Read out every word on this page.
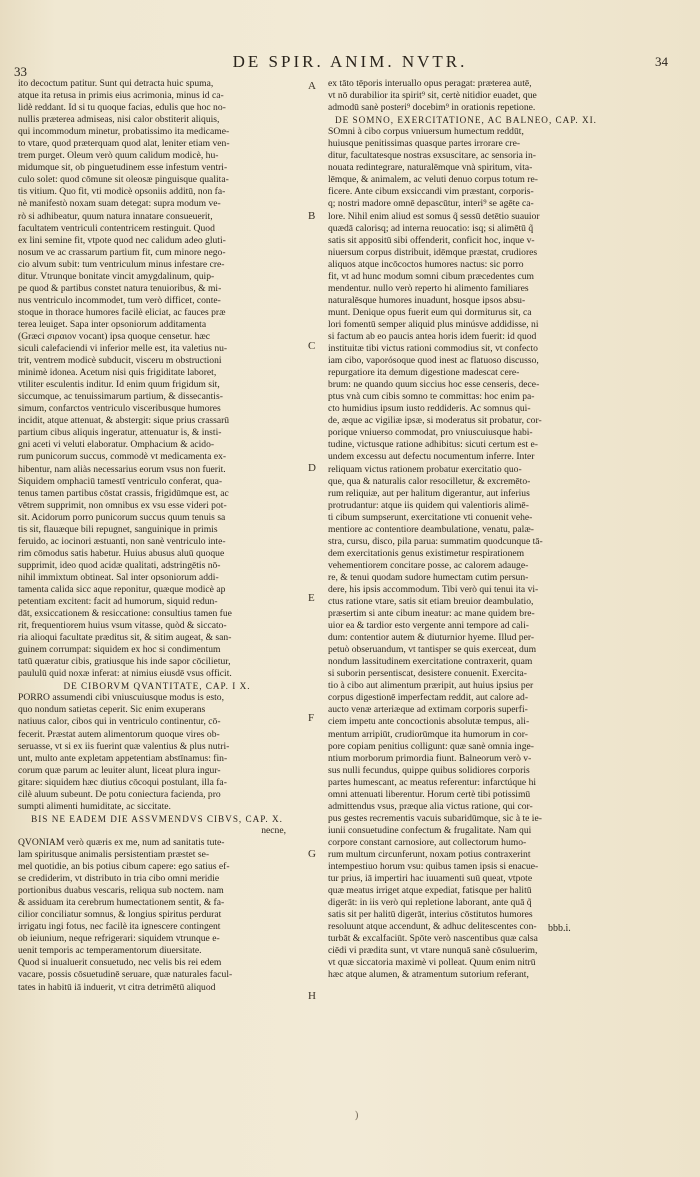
33
DE SPIR. ANIM. NVTR.	34
ito decoctum patitur. Sunt qui detracta huic spuma,
atque ita retusa in primis eius acrimonia, minus id ca-
lidè reddant. Id si tu quoque facias, edulis que hoc no-
nullis præterea admiseas, nisi calor obstiterit aliquis,
qui incommodum minetur, probatissimo ita medicame-
to vtare, quod præterquam quod alat, leniter etiam ven-
trem purget. Oleum verò quum calidum modicè, hu-
midumque sit, ob pinguetudinem esse infestum ventri-
culo solet: quod cōmune sit oleosæ pinguisque qualita-
tis vitium. Quo fit, vti modicè opsoniis additū, non fa-
nè manifestò noxam suam detegat: supra modum ve-
rò si adhibeatur, quum natura innatare consueuerit,
facultatem ventriculi contentricem restinguit. Quod
ex lini semine fit, vtpote quod nec calidum adeo gluti-
nosum ve ac crassarum partium fit, cum minore nego-
cio alvum subit: tum ventriculum minus infestare cre-
ditur. Vtrunque bonitate vincit amygdalinum, quip-
pe quod & partibus constet natura tenuioribus, & mi-
nus ventriculo incommodet, tum verò difficet, conte-
stoque in thorace humores facilè eliciat, ac fauces præ
terea leuiget. Sapa inter opsoniorum additamenta
(Græci σιραιον vocant) ipsa quoque censetur. hæc
siculi calefaciendi vi inferior melle est, ita valetius nu-
trit, ventrem modicè subducit, visceru m obstructioni
minimè idonea. Acetum nisi quis frigiditate laboret,
vtiliter esculentis inditur. Id enim quum frigidum sit,
siccumque, ac tenuissimarum partium, & dissecantis-
simum, confarctos ventriculo visceribusque humores
incidit, atque attenuat, & abstergit: sique prius crassarū
partium cibus aliquis ingeratur, attenuatur is, & insti-
gni aceti vi veluti elaboratur. Omphacium & acido-
rum punicorum succus, commodè vt medicamenta ex-
hibentur, nam aliàs necessarius eorum vsus non fuerit.
Siquidem omphaciū tamestī ventriculo conferat, qua-
tenus tamen partibus cōstat crassis, frigidūmque est, ac
vētrem supprimit, non omnibus ex vsu esse videri pot-
sit. Acidorum porro punicorum succus quum tenuis sa
tis sit, flauæque bili repugnet, sanguinique in primis
feruido, ac iocinori æstuanti, non sanè ventriculo inte-
rim cōmodus satis habetur. Huius abusus aluū quoque
supprimit, ideo quod acidæ qualitati, adstringētis nō-
nihil immixtum obtineat. Sal inter opsoniorum addi-
tamenta calida sicc aque reponitur, quæque modicè ap
petentiam excitent: facit ad humorum, siquid redun-
dāt, exsiccationem & resiccatione: consultius tamen fue
rit, frequentiorem huius vsum vitasse, quòd & siccato-
ria alioqui facultate præditus sit, & sitim augeat, & san-
guinem corrumpat: siquidem ex hoc si condimentum
tatū quæratur cibis, gratiusque his inde sapor cōcilietur,
paululū quid noxæ inferat: at nimius eiusdē vsus officit.
DE CIBORVM QVANTITATE, CAP. I X.
PORRO assumendi cibi vniuscuiusque modus is esto,
quo nondum satietas ceperit. Sic enim exuperans
natiuus calor, cibos qui in ventriculo continentur, cō-
fecerit. Præstat autem alimentorum quoque vires ob-
seruasse, vt si ex iis fuerint quæ valentius & plus nutri-
unt, multo ante expletam appetentiam abstīnamus: fin-
corum quæ parum ac leuiter alunt, liceat plura ingur-
gitare: siquidem hæc diutius cōcoqui postulant, illa fa-
cilè aluum subeunt. De potu coniectura facienda, pro
sumpti alimenti humiditate, ac siccitate.
BIS NE EADEM DIE ASSVMENDVS CIBVS, CAP. X.
necne,
QVONIAM verò quæris ex me, num ad sanitatis tute-
lam spiritusque animalis persistentiam præstet se-
mel quotidie, an bis potius cibum capere: ego satius ef-
se crediderim, vt distributo in tria cibo omni meridie
portionibus duabus vescaris, reliqua sub noctem. nam
& assiduam ita cerebrum humectationem sentit, & fa-
cilior conciliatur somnus, & longius spiritus perdurat
irrigatu ingi fotus, nec facilè ita ignescere contingent
ob ieiunium, neque refrigerari: siquidem vtrunque e-
uenit temporis ac temperamentorum diuersitate.
Quod si inualuerit consuetudo, nec velis bis rei edem
vacare, possis cōsuetudinē seruare, quæ naturales facul-
tates in habitū iā induerit, vt citra detrimētū aliquod
ex tāto tēporis interuallo opus peragat: præterea autē,
vt nō durabilior ita spirit⁹ sit, certè nitidior euadet, que
admodū sanè posteri⁹ docebim⁹ in orationis repetione.
DE SOMNO, EXERCITATIONE, AC BALNEO, CAP. XI.
SOmni à cibo corpus vniuersum humectum reddūt,
huiusque penitissimas quasque partes irrorare cre-
ditur, facultatesque nostras exsuscitare, ac sensoria in-
nouata redintegrare, naturalēmque vnà spiritum, vita-
lēmque, & animalem, ac veluti denuo corpus totum re-
ficere. Ante cibum exsiccandi vim præstant, corporis-
q; nostri madore omnē depascūtur, interi⁹ se agēte ca-
lore. Nihil enim aliud est somus q̃ sessū detētio suauior
quædā calorisq; ad interna reuocatio: isq; si alimētū q̃
satis sit appositū sibi offenderit, conficit hoc, inque v-
niuersum corpus distribuit, idēmque præstat, crudiores
aliquos atque incōcoctos humores nactus: sic porro
fit, vt ad hunc modum somni cibum præcedentes cum
mendentur. nullo verò reperto hi alimento familiares
naturalēsque humores inuadunt, hosque ipsos absu-
munt. Denique opus fuerit eum qui dormiturus sit, ca
lori fomentū semper aliquid plus minúsve addidisse, ni
si factum ab eo paucis antea horis idem fuerit: id quod
instituitæ tibi victus rationi commodius sit, vt confecto
iam cibo, vaporósoque quod inest ac flatuoso discusso,
repurgatiore ita demum digestione madescat cere-
brum: ne quando quum siccius hoc esse censeris, dece-
ptus vnà cum cibis somno te committas: hoc enim pa-
cto humidius ipsum iusto reddideris. Ac somnus qui-
de, æque ac vigiliæ ipsæ, si moderatus sit probatur, cor-
porique vniuerso commodat, pro vniuscuiusque habi-
tudine, victusque ratione adhibitus: sicuti certum est e-
undem excessu aut defectu nocumentum inferre. Inter
reliquam victus rationem probatur exercitatio quo-
que, qua & naturalis calor resocilletur, & excremēto-
rum reliquiæ, aut per halitum digerantur, aut inferius
protrudantur: atque iis quidem qui valentioris alimē-
ti cibum sumpserunt, exercitatione vti conuenit vehe-
mentiore ac contentiore deambulatione, venatu, palæ-
stra, cursu, disco, pila parua: summatim quodcunque tā-
dem exercitationis genus existimetur respirationem
vehementiorem concitare posse, ac calorem adauge-
re, & tenui quodam sudore humectam cutim persun-
dere, his ipsis accommodum. Tibi verò qui tenui ita vi-
ctus ratione vtare, satis sit etiam breuior deambulatio,
præsertim si ante cibum ineatur: ac mane quidem bre-
uior ea & tardior esto vergente anni tempore ad cali-
dum: contentior autem & diuturnior hyeme. Illud per-
petuò obseruandum, vt tantisper se quis exerceat, dum
nondum lassitudinem exercitatione contraxerit, quam
si suborin persentiscat, desistere conuenit. Exercita-
tio à cibo aut alimentum præripit, aut huius ipsius per
corpus digestionē imperfectam reddit, aut calore ad-
aucto venæ arteriæque ad extimam corporis superfi-
ciem impetu ante concoctionis absolutæ tempus, ali-
mentum arripiūt, crudiorūmque ita humorum in cor-
pore copiam penitius colligunt: quæ sanè omnia inge-
ntium morborum primordia fiunt. Balneorum verò v-
sus nulli fecundus, quippe quibus solidiores corporis
partes humescant, ac meatus referentur: infarctúque hi
omni attenuati liberentur. Horum certè tibi potissimū
admittendus vsus, præque alia victus ratione, qui cor-
pus gestes recrementis vacuis subaridūmque, sic à te ie-
iunii consuetudine confectum & frugalitate. Nam qui
corpore constant carnosiore, aut collectorum humo-
rum multum circunferunt, noxam potius contraxerint
intempestiuo horum vsu: quibus tamen ipsis si enacue-
tur prius, iā impertiri hac iuuamenti suū queat, vtpote
quæ meatus irriget atque expediat, fatisque per halitū
digerāt: in iis verò qui repletione laborant, ante quā q̃
satis sit per halitū digerāt, interius cōstitutos humores
resoluunt atque accendunt, & adhuc delitescentes con-
turbāt & excalfaciūt. Spōte verò nascentibus quæ calsa
ciēdi vi prædita sunt, vt vtare nunquā sanè cōsuluerim,
vt quæ siccatoria maximè vi polleat. Quum enim nitrū
hæc atque alumen, & atramentum sutorium referant,
A
B
C
D
E
F
G
H
bbb.i.
)
